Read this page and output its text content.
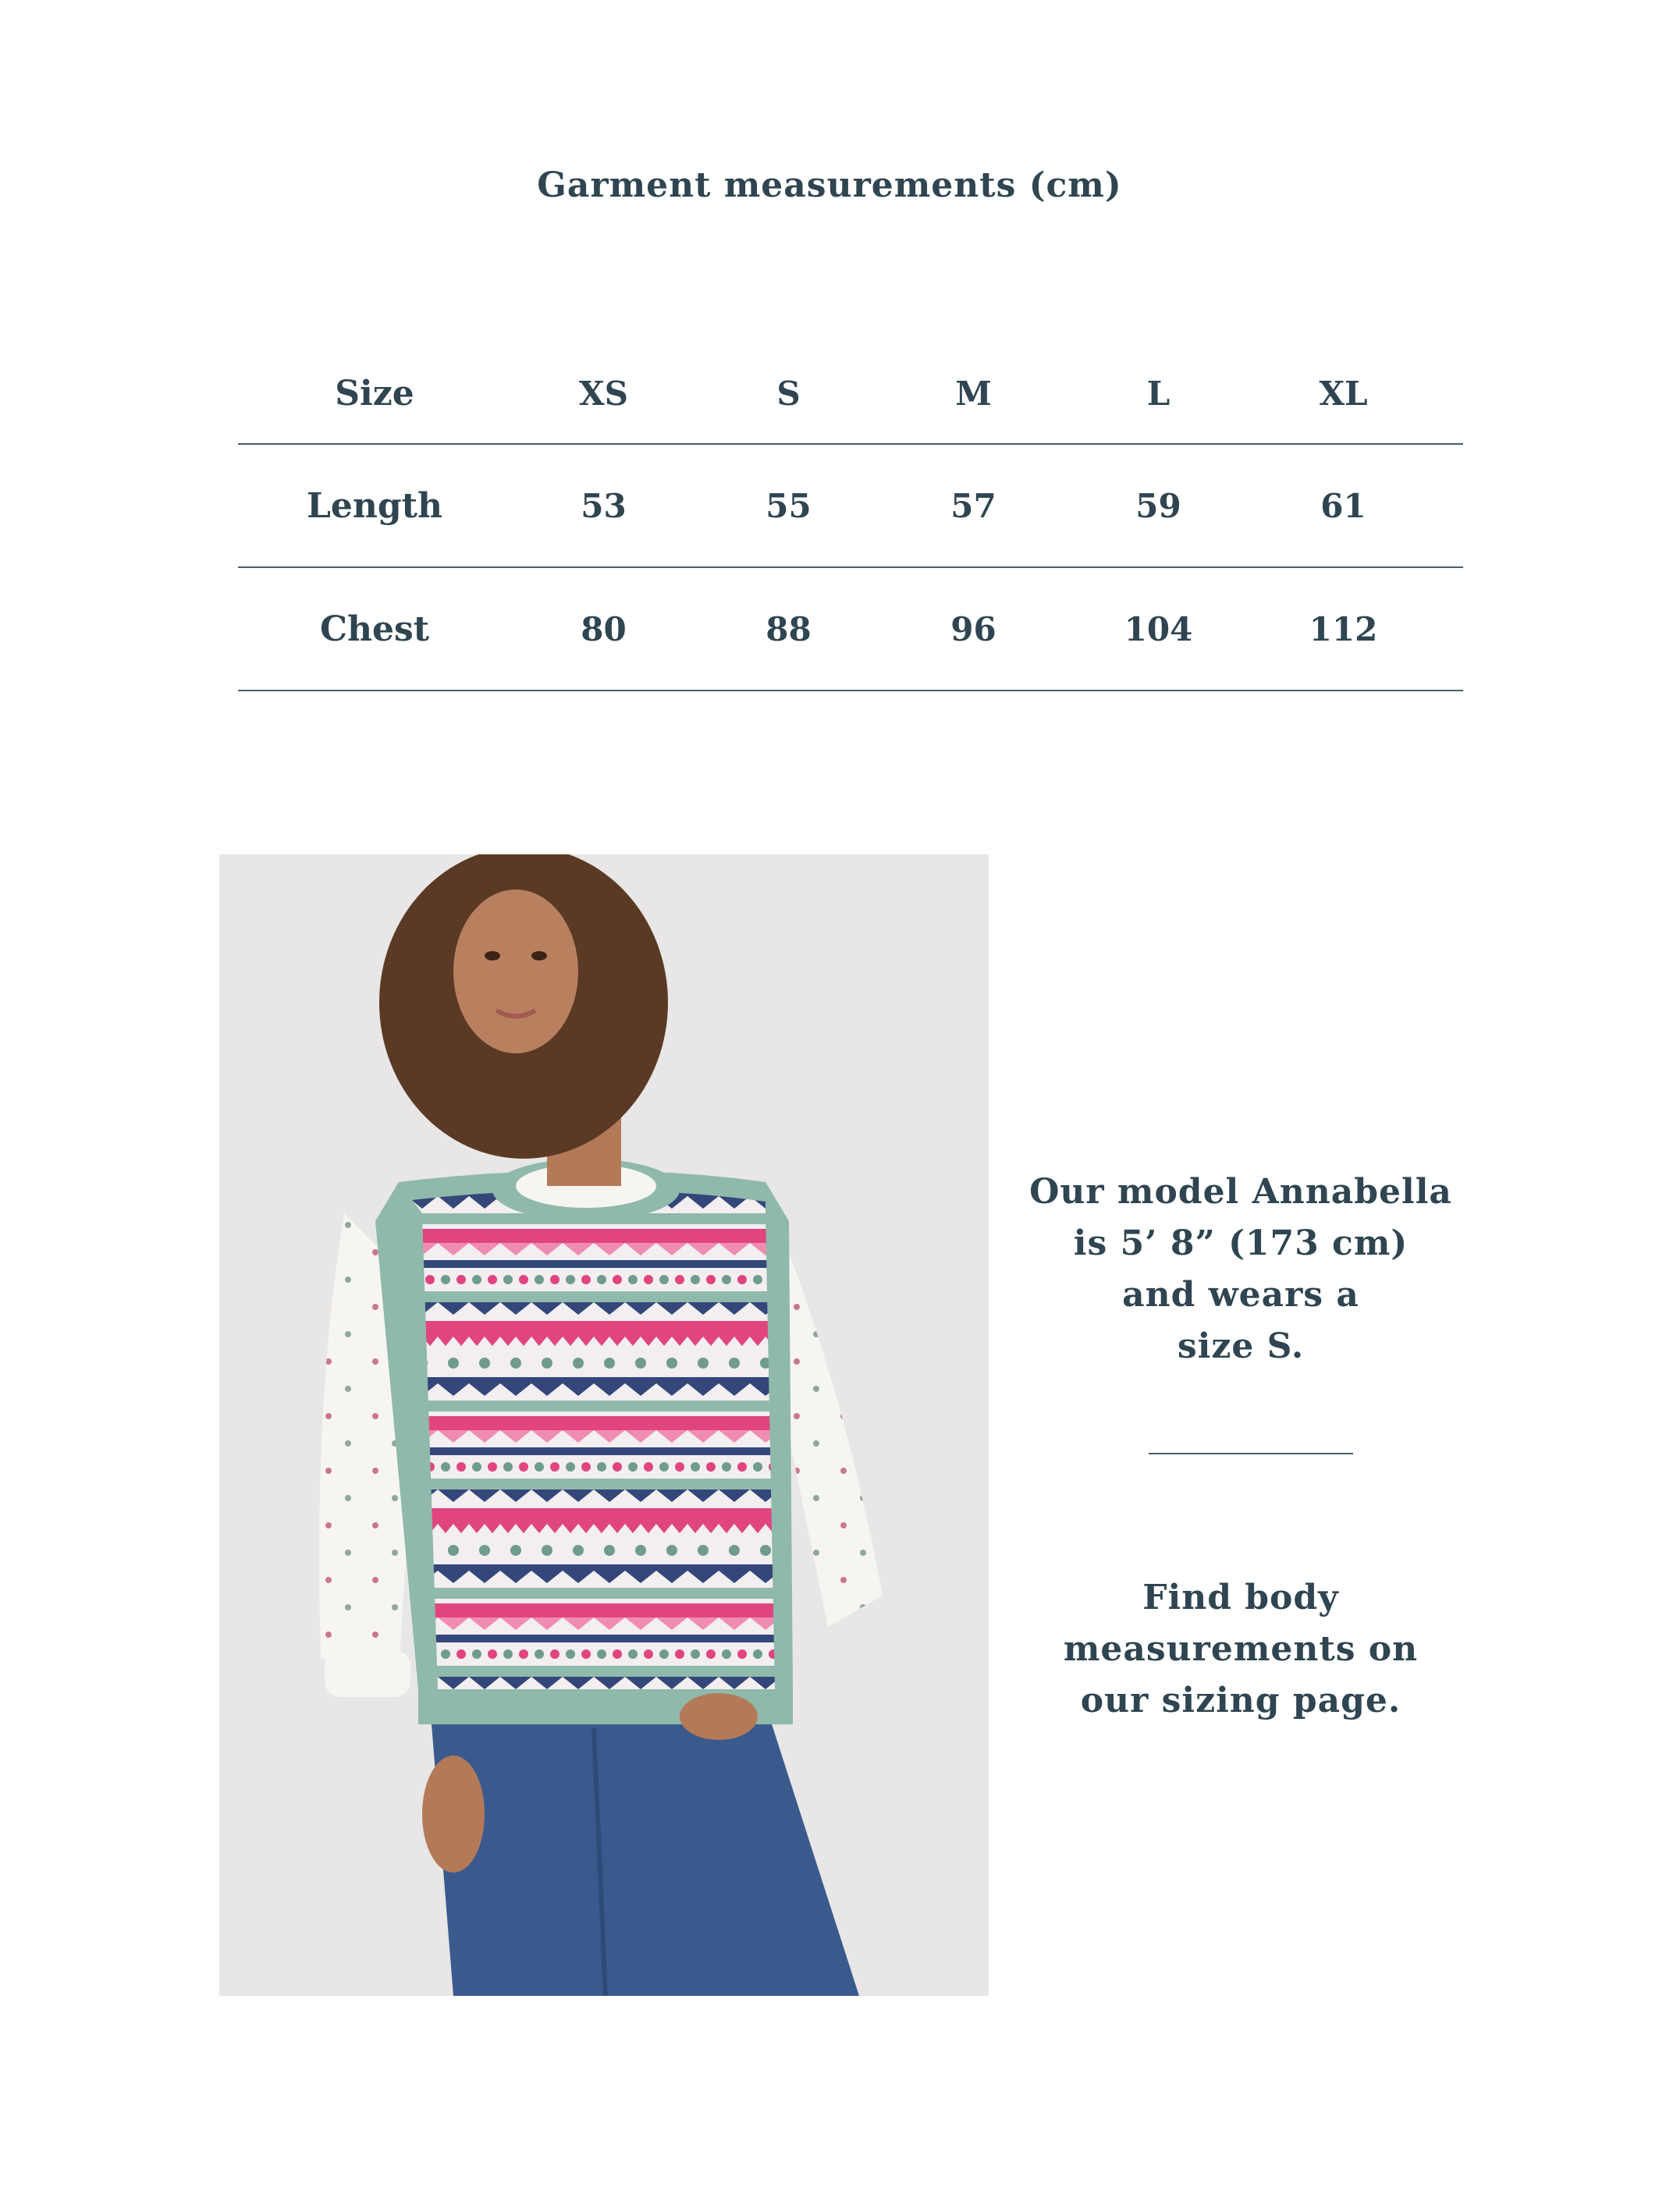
Garment measurements (cm)
Size	XS	S	M	L	XL
Length	53	55	57	59	61
Chest	80	88	96	104	112
Our model Annabella
is 5’ 8” (173 cm)
and wears a
size S.
Find body
measurements on
our sizing page.
